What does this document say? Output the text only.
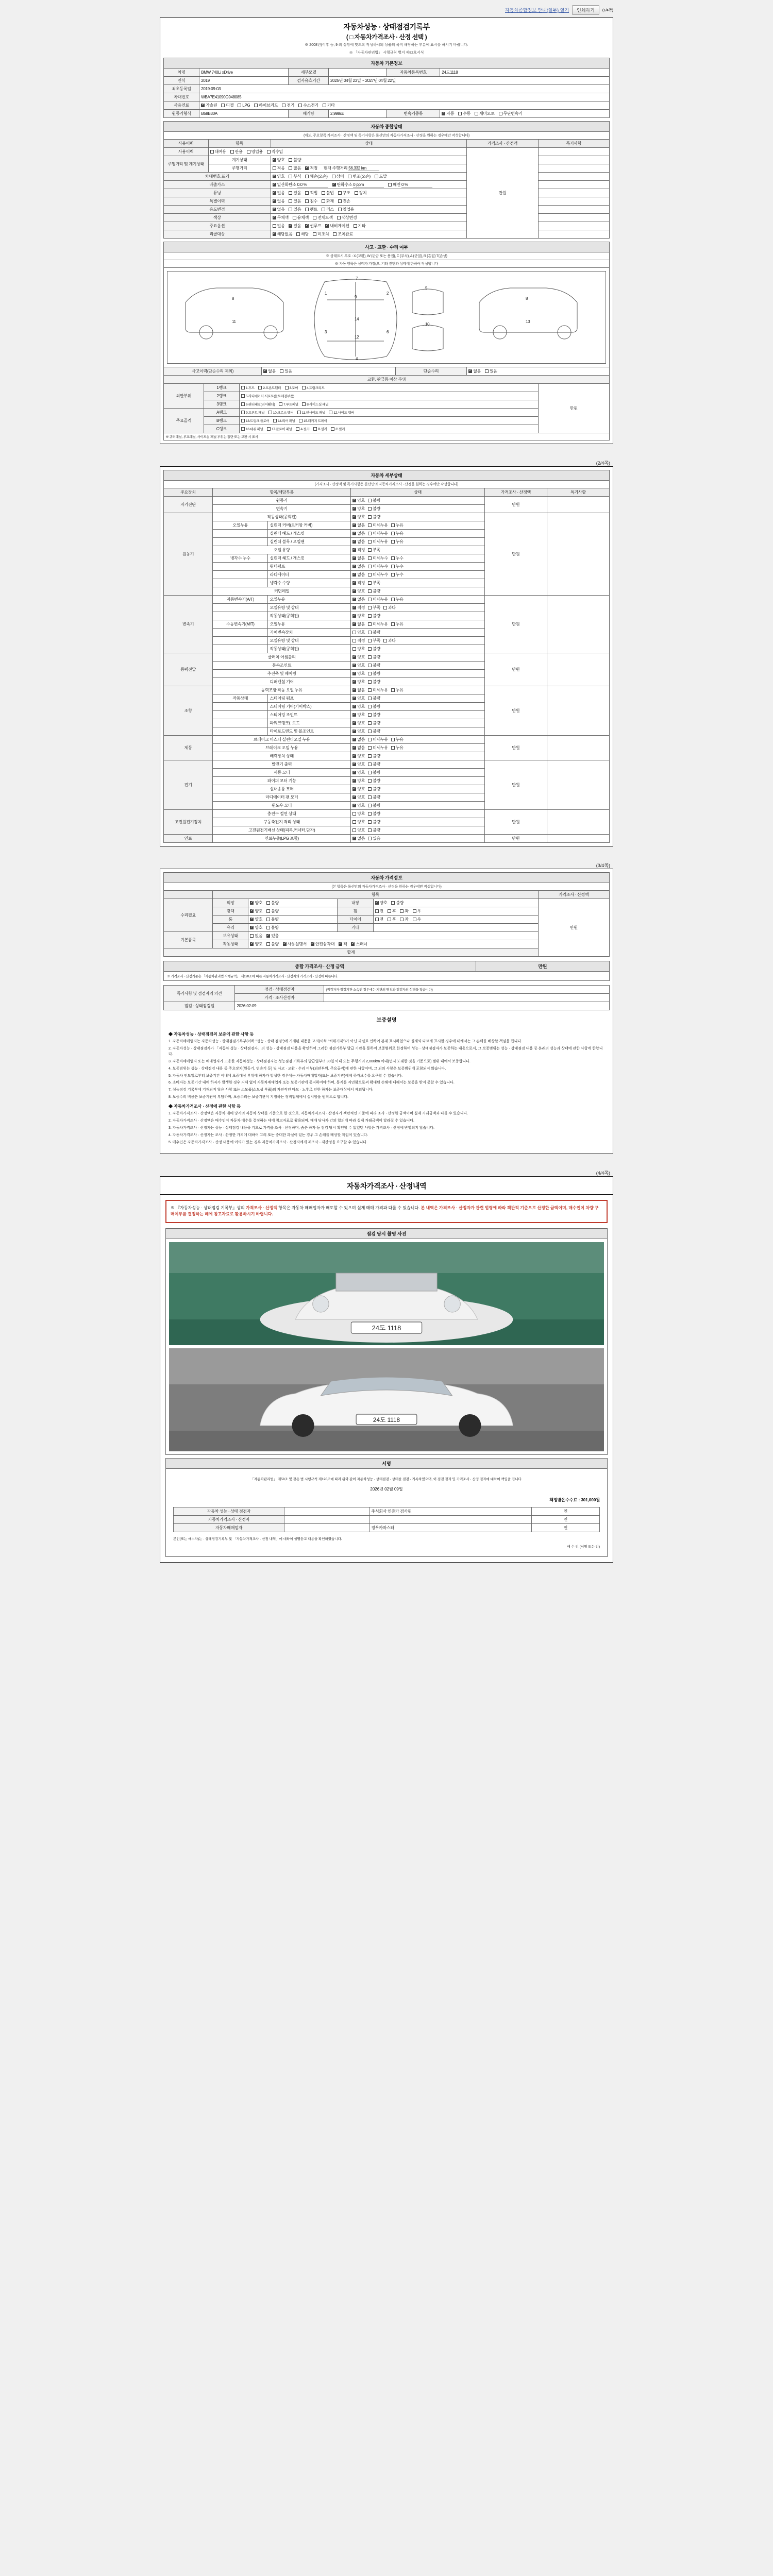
자동차종합정보 안내(일부) 열기	인쇄하기	(1/4쪽)
자동차성능 · 상태점검기록부
( □ 자동차가격조사 · 산정 선택 )
※ 2008년(이후 등, 9·의 상황에 맞도록 작성하시되 상품의 목적 해당하는 부분에 표시를 하시기 바랍니다.
※ 「자동차관리법」 시행규칙 별지 제82호서식
자동차 기본정보					
차명	BMW 740Li xDrive	세부모델		자동차등록번호	24도1118
연식	2019	검사유효기간	2025년 04월 23일 ~ 2027년 04월 22일		
최초등록일	2019-09-03				
차대번호	WBA7E41090G948085				
사용연료	✓가솔린 디젤 LPG 하이브리드 전기 수소전기 기타
원동기형식	B58B30A	배기량	2,998cc	변속기종류	✓자동 수동 세미오토 무단변속기
자동차 종합상태				
(매도, 주요항목 가격조사 · 산정액 및 특기사항은 롤산만의 자동차가격조사 · 산정을 원하는 경우에만 작성합니다)				
사용이력	항목	상태	가격조사 · 산정액	특기사항
사용이력	대여용 관용 영업용 직수입		만원	
주행거리 및 계기상태	계기상태	✓양호 불량	
	주행거리	적음 많음 ✓ 적정 현재 주행거리 56,332 km	
차대번호 표기	✓양호 부식 훼손(오손) 상이 변조(오손) 도말	
배출가스	✓일산화탄소 0.0 % ✓ 탄화수소 0 ppm 매연 0 %	
튜닝	✓없음 있음 적법 불법 구조 장치	
특별이력	✓없음 있음 침수 화재 전손	
용도변경	✓없음 있음 렌트 리스 영업용	
색상	✓무채색 유채색 전체도색 색상변경	
주요옵션		없음 ✓ 있음 ✓ 썬루프 ✓ 내비게이션 기타	
리콜대상	✓해당없음 해당 미조치 조치완료	
사고 · 교환 · 수리 여부
※ 상태표시 부호 : X (교환), W (판금 또는 용접), C (부식), A (균열), R (흠집) T(손상)
※ 자동 양목은 상태가 가장(오, 기타 진단과 상태에 한하여 작성합니다

7
1	2
9
14
12
3	6
4
8	8
11	13
5
10

사고이력(단순수리 제외)	✓없음 있음	단순수리	✓없음 있음
교환, 판금등 이상 부위
외판부위	1랭크	1.후드 2.프론트휀더 3.도어 4.트렁크리드	만원
	2랭크	5.라디에이터 서포트(볼트체결부품)	
	3랭크	6.쿼터패널(리어휀더) 7.루프패널 8.사이드실 패널	
주요골격	A랭크	9.프론트 패널 10.크로스 멤버 11.인사이드 패널 12.사이드 멤버	
	B랭크	13.트렁크 플로어 14.리어 패널 15.패키지 트레이	
	C랭크	16.대쉬 패널 17.플로어 패널 A.필러 B.필러 C.필러	
※ 쿼터패널, 루프패널, 사이드실 패널 부위는 절단 또는 교환 시 표시			
(2/4쪽)
자동차 세부상태					
(가격조사 · 산정액 및 특기사항은 롤산만의 자동차가격조사 · 산정을 원하는 경우에만 작성합니다)					
주요장치	항목/해당부품		상태	가격조사 · 산정액	특기사항
자기진단	원동기	✓양호 불량	만원	
	변속기	✓양호 불량
원동기	작동상태(공회전)	✓양호 불량	만원	
	오일누유	실린더 커버(로커암 커버)	✓없음 미세누유 누유
		실린더 헤드 / 개스킷	✓없음 미세누유 누유
		실린더 블록 / 오일팬	✓없음 미세누유 누유
	오일 유량	✓적정 부족
	냉각수 누수	실린더 헤드 / 개스킷	✓없음 미세누수 누수
		워터펌프	✓없음 미세누수 누수
		라디에이터	✓없음 미세누수 누수
		냉각수 수량	✓적정 부족
	커먼레일	✓양호 불량
변속기	자동변속기(A/T)	오일누유	✓없음 미세누유 누유	만원	
		오일유량 및 상태	✓적정 부족 과다
		작동상태(공회전)	✓양호 불량
	수동변속기(M/T)	오일누유	✓없음 미세누유 누유
		기어변속장치	양호 불량		
		오일유량 및 상태	적정 부족 과다		
		작동상태(공회전)	양호 불량		
동력전달	클러치 어셈블리	✓양호 불량	만원	
	등속조인트	✓양호 불량
	추진축 및 베어링	✓양호 불량
	디퍼렌셜 기어	✓양호 불량
조향	동력조향 작동 오일 누유	✓없음 미세누유 누유	만원	
	작동상태	스티어링 펌프	✓양호 불량
		스티어링 기어(기어박스)	✓양호 불량
		스티어링 조인트	✓양호 불량
		파워크랭크(. 로드	✓양호 불량
		타이로드엔드 및 볼조인트	✓양호 불량
제동	브레이크 마스터 실린더오일 누유	✓없음 미세누유 누유	만원	
	브레이크 오일 누유	✓없음 미세누유 누유
	배력장치 상태	✓양호 불량
전기	발전기 출력	✓양호 불량	만원	
	시동 모터	✓양호 불량
	와이퍼 모터 기능	✓양호 불량
	실내송풍 모터	✓양호 불량
	라디에이터 팬 모터	✓양호 불량
	윈도우 모터	✓양호 불량
고전원전기장치	충전구 절연 상태		양호 불량	만원	
	구동축전지 격리 상태		양호 불량		
	고전원전기배선 상태(피복,커넥터,단자)		양호 불량		
연료	연료누출(LPG 포함)	✓없음 있음	만원	
(3/4쪽)
자동차 가격정보					
(본 항목은 롤산만의 자동차가격조사 · 산정을 원하는 경우에만 작성합니다)					
	항목				가격조사 · 산정액
수리필요	외장	✓양호 불량	내장	✓양호 불량	만원
	광택	✓양호 불량	휠	전 후 좌 우	
	룸	✓양호 불량	타이어	전 후 좌 우	
	유리	✓양호 불량	기타		
기본품목	보유상태	없음 ✓ 있음
	작동상태	✓양호 불량 ✓ 사용설명서 ✓ 안전삼각대 ✓ 잭 ✓ 스패너
합계					
종합 가격조사 · 산정 금액	만원
※ 가격조사 · 산정기준은 「자동차관리법 시행규칙」 제120조에 따른 자동차가격조사 · 산정자의 가격조사 · 산정에 따릅니다.
특기사항 및 점검자의 의견	점검 · 상태점검자	(점검자가 점검기관 소속인 경우에는 기관의 명칭과 점검자의 성명을 적습니다)
	가격 · 조사산정자	
점검 · 상태점검일	2026-02-09	
보증설명
◆ 자동차성능 · 상태점검의 보증에 관한 사항 등

1. 자동차매매업자는 자동차성능 · 상태점검기록부(이하 "성능 · 상태 점검")에 기재된 내용을 고의(이하 "허위기재")가 아닌 과실로 인하여 본래 표시하였으나 실제와 다르게 표시한 경우에 대해서는 그 손해를 배상할 책임을 집니다.

2. 자동차성능 · 상태점검자가 「자동차 성능 · 상태점검자」의 성능 · 상태점검 내용을 확인하여 그러한 점검기록부 발급 기관을 통하여 보증범위로 한정하여 성능 · 상태점검자가 보증하는 내용으로서, 그 보증범위는 성능 · 상태점검 내용 중 본래의 성능과 상태에 관한 사항에 한합니다.

3. 자동차매매업자 또는 매매업자가 고용한 자동차성능 · 상태점검자는 성능점검 기록부의 발급일부터 30일 이내 또는 주행거리 2,000km 이내(먼저 도래한 것을 기준으로) 범위 내에서 보증합니다.

4. 보증범위는 성능 · 상태점검 내용 중 주요장치(원동기, 변속기 등) 및 사고 · 교환 · 수리 여부(외판부위, 주요골격)에 관한 사항이며, 그 외의 사항은 보증범위에 포함되지 않습니다.

5. 자동차 인도일로부터 보증기간 이내에 보증대상 부위에 하자가 발생한 경우에는 자동차매매업자(또는 보증기관)에게 하자보수를 요구할 수 있습니다.

6. 소비자는 보증기간 내에 하자가 발생한 경우 지체 없이 자동차매매업자 또는 보증기관에 통지하여야 하며, 통지를 지연함으로써 확대된 손해에 대해서는 보증을 받지 못할 수 있습니다.

7. 성능점검 기록부에 기재되지 않은 사항 또는 소모품(소모성 부품)의 자연적인 마모 · 노후로 인한 하자는 보증대상에서 제외됩니다.

8. 보증수리 비용은 보증기관이 부담하며, 보증수리는 보증기관이 지정하는 정비업체에서 실시함을 원칙으로 합니다.

◆ 자동차가격조사 · 산정에 관한 사항 등

1. 자동차가격조사 · 산정액은 자동차 매매 당시의 자동차 상태를 기준으로 한 것으로, 자동차가격조사 · 산정자가 객관적인 기준에 따라 조사 · 산정한 금액이며 실제 거래금액과 다를 수 있습니다.

2. 자동차가격조사 · 산정액은 매수인이 자동차 매수를 결정하는 데에 참고자료로 활용되며, 매매 당사자 간의 합의에 따라 실제 거래금액이 달라질 수 있습니다.

3. 자동차가격조사 · 산정자는 성능 · 상태점검 내용을 기초로 가격을 조사 · 산정하며, 숨은 하자 등 점검 당시 확인할 수 없었던 사항은 가격조사 · 산정에 반영되지 않습니다.

4. 자동차가격조사 · 산정자는 조사 · 산정한 가격에 대하여 고의 또는 중대한 과실이 있는 경우 그 손해를 배상할 책임이 있습니다.

5. 매수인은 자동차가격조사 · 산정 내용에 이의가 있는 경우 자동차가격조사 · 산정자에게 재조사 · 재산정을 요구할 수 있습니다.

(4/4쪽)
자동차가격조사 · 산정내역
※ 『자동차성능 · 상태점검 기록부』상의 가격조사 · 산정액 항목은 자동차 매매업자가 매도할 수 있으며 실제 매매 가격과 다를 수 있습니다. 본 내역은 가격조사 · 산정자가 관련 법령에 따라 객관적 기준으로 산정한 금액이며, 매수인이 차량 구매여부를 결정하는 데에 참고자료로 활용하시기 바랍니다.
점검 당시 촬영 사진
24도 1118
24도 1118
서명

「자동차관리법」 제58조 및 같은 법 시행규칙 제120조에 따라 위와 같이 자동차성능 · 상태점검 · 상태를 점검 · 기록하였으며, 이 점검 결과 및 가격조사 · 산정 결과에 대하여 책임을 집니다.

2026년 02월 09일

책정받은수수료 : 301,000원

자동차 성능 · 상태 점검자		주식회사 인증카 검사원	인
자동차가격조사 · 산정자			인
자동차매매업자		정우카마스터	인

본인(또는 매수자)는 · 상태점검기록부 및 「자동차가격조사 · 산정 내역」에 대하여 설명듣고 내용을 확인하였습니다.

매 수 인 (서명 또는 인)
